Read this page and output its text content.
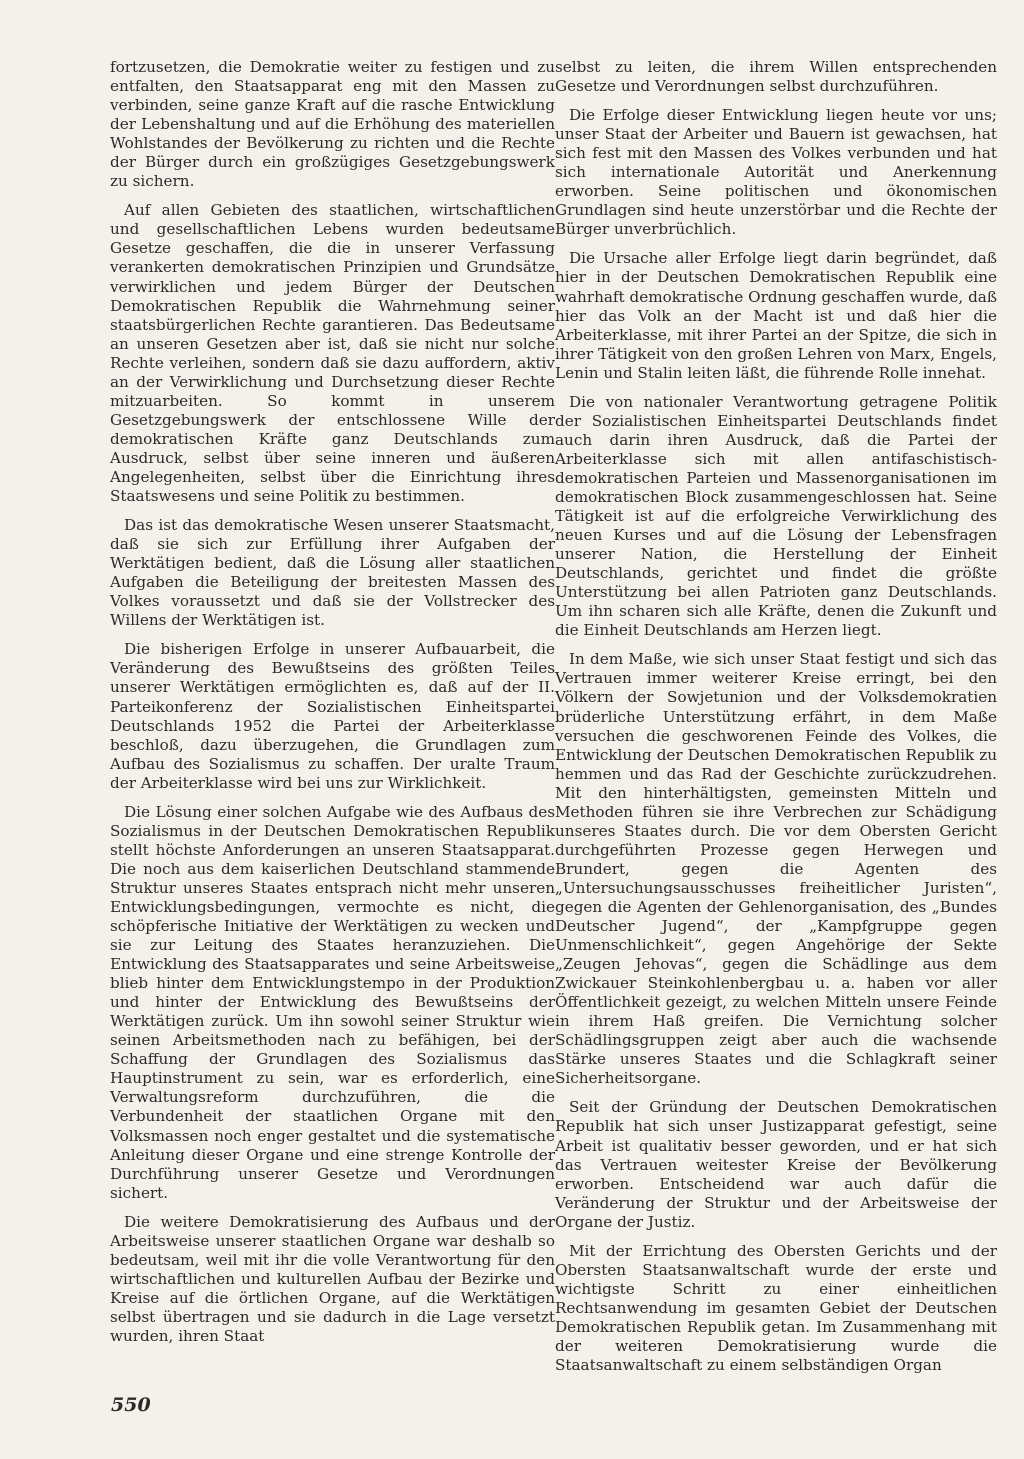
fortzusetzen, die Demokratie weiter zu festigen und zu entfalten, den Staatsapparat eng mit den Massen zu verbinden, seine ganze Kraft auf die rasche Entwicklung der Lebenshaltung und auf die Erhöhung des materiellen Wohlstandes der Bevölkerung zu richten und die Rechte der Bürger durch ein großzügiges Gesetzgebungswerk zu sichern.

Auf allen Gebieten des staatlichen, wirtschaftlichen und gesellschaftlichen Lebens wurden bedeutsame Gesetze geschaffen, die die in unserer Verfassung verankerten demokratischen Prinzipien und Grundsätze verwirklichen und jedem Bürger der Deutschen Demokratischen Republik die Wahrnehmung seiner staatsbürgerlichen Rechte garantieren. Das Bedeutsame an unseren Gesetzen aber ist, daß sie nicht nur solche Rechte verleihen, sondern daß sie dazu auffordern, aktiv an der Verwirklichung und Durchsetzung dieser Rechte mitzuarbeiten. So kommt in unserem Gesetzgebungswerk der entschlossene Wille der demokratischen Kräfte ganz Deutschlands zum Ausdruck, selbst über seine inneren und äußeren Angelegenheiten, selbst über die Einrichtung ihres Staatswesens und seine Politik zu bestimmen.

Das ist das demokratische Wesen unserer Staatsmacht, daß sie sich zur Erfüllung ihrer Aufgaben der Werktätigen bedient, daß die Lösung aller staatlichen Aufgaben die Beteiligung der breitesten Massen des Volkes voraussetzt und daß sie der Vollstrecker des Willens der Werktätigen ist.

Die bisherigen Erfolge in unserer Aufbauarbeit, die Veränderung des Bewußtseins des größten Teiles unserer Werktätigen ermöglichten es, daß auf der II. Parteikonferenz der Sozialistischen Einheitspartei Deutschlands 1952 die Partei der Arbeiterklasse beschloß, dazu überzugehen, die Grundlagen zum Aufbau des Sozialismus zu schaffen. Der uralte Traum der Arbeiterklasse wird bei uns zur Wirklichkeit.

Die Lösung einer solchen Aufgabe wie des Aufbaus des Sozialismus in der Deutschen Demokratischen Republik stellt höchste Anforderungen an unseren Staatsapparat. Die noch aus dem kaiserlichen Deutschland stammende Struktur unseres Staates entsprach nicht mehr unseren Entwicklungsbedingungen, vermochte es nicht, die schöpferische Initiative der Werktätigen zu wecken und sie zur Leitung des Staates heranzuziehen. Die Entwicklung des Staatsapparates und seine Arbeitsweise blieb hinter dem Entwicklungstempo in der Produktion und hinter der Entwicklung des Bewußtseins der Werktätigen zurück. Um ihn sowohl seiner Struktur wie seinen Arbeitsmethoden nach zu befähigen, bei der Schaffung der Grundlagen des Sozialismus das Hauptinstrument zu sein, war es erforderlich, eine Verwaltungsreform durchzuführen, die die Verbundenheit der staatlichen Organe mit den Volksmassen noch enger gestaltet und die systematische Anleitung dieser Organe und eine strenge Kontrolle der Durchführung unserer Gesetze und Verordnungen sichert.

Die weitere Demokratisierung des Aufbaus und der Arbeitsweise unserer staatlichen Organe war deshalb so bedeutsam, weil mit ihr die volle Verantwortung für den wirtschaftlichen und kulturellen Aufbau der Bezirke und Kreise auf die örtlichen Organe, auf die Werktätigen selbst übertragen und sie dadurch in die Lage versetzt wurden, ihren Staat

selbst zu leiten, die ihrem Willen entsprechenden Gesetze und Verordnungen selbst durchzuführen.

Die Erfolge dieser Entwicklung liegen heute vor uns; unser Staat der Arbeiter und Bauern ist gewachsen, hat sich fest mit den Massen des Volkes verbunden und hat sich internationale Autorität und Anerkennung erworben. Seine politischen und ökonomischen Grundlagen sind heute unzerstörbar und die Rechte der Bürger unverbrüchlich.

Die Ursache aller Erfolge liegt darin begründet, daß hier in der Deutschen Demokratischen Republik eine wahrhaft demokratische Ordnung geschaffen wurde, daß hier das Volk an der Macht ist und daß hier die Arbeiterklasse, mit ihrer Partei an der Spitze, die sich in ihrer Tätigkeit von den großen Lehren von Marx, Engels, Lenin und Stalin leiten läßt, die führende Rolle innehat.

Die von nationaler Verantwortung getragene Politik der Sozialistischen Einheitspartei Deutschlands findet auch darin ihren Ausdruck, daß die Partei der Arbeiterklasse sich mit allen antifaschistisch-demokratischen Parteien und Massenorganisationen im demokratischen Block zusammengeschlossen hat. Seine Tätigkeit ist auf die erfolgreiche Verwirklichung des neuen Kurses und auf die Lösung der Lebensfragen unserer Nation, die Herstellung der Einheit Deutschlands, gerichtet und findet die größte Unterstützung bei allen Patrioten ganz Deutschlands. Um ihn scharen sich alle Kräfte, denen die Zukunft und die Einheit Deutschlands am Herzen liegt.

In dem Maße, wie sich unser Staat festigt und sich das Vertrauen immer weiterer Kreise erringt, bei den Völkern der Sowjetunion und der Volksdemokratien brüderliche Unterstützung erfährt, in dem Maße versuchen die geschworenen Feinde des Volkes, die Entwicklung der Deutschen Demokratischen Republik zu hemmen und das Rad der Geschichte zurückzudrehen. Mit den hinterhältigsten, gemeinsten Mitteln und Methoden führen sie ihre Verbrechen zur Schädigung unseres Staates durch. Die vor dem Obersten Gericht durchgeführten Prozesse gegen Herwegen und Brundert, gegen die Agenten des „Untersuchungsausschusses freiheitlicher Juristen“, gegen die Agenten der Gehlenorganisation, des „Bundes Deutscher Jugend“, der „Kampfgruppe gegen Unmenschlichkeit“, gegen Angehörige der Sekte „Zeugen Jehovas“, gegen die Schädlinge aus dem Zwickauer Steinkohlenbergbau u. a. haben vor aller Öffentlichkeit gezeigt, zu welchen Mitteln unsere Feinde in ihrem Haß greifen. Die Vernichtung solcher Schädlingsgruppen zeigt aber auch die wachsende Stärke unseres Staates und die Schlagkraft seiner Sicherheitsorgane.

Seit der Gründung der Deutschen Demokratischen Republik hat sich unser Justizapparat gefestigt, seine Arbeit ist qualitativ besser geworden, und er hat sich das Vertrauen weitester Kreise der Bevölkerung erworben. Entscheidend war auch dafür die Veränderung der Struktur und der Arbeitsweise der Organe der Justiz.

Mit der Errichtung des Obersten Gerichts und der Obersten Staatsanwaltschaft wurde der erste und wichtigste Schritt zu einer einheitlichen Rechtsanwendung im gesamten Gebiet der Deutschen Demokratischen Republik getan. Im Zusammenhang mit der weiteren Demokratisierung wurde die Staatsanwaltschaft zu einem selbständigen Organ

550
